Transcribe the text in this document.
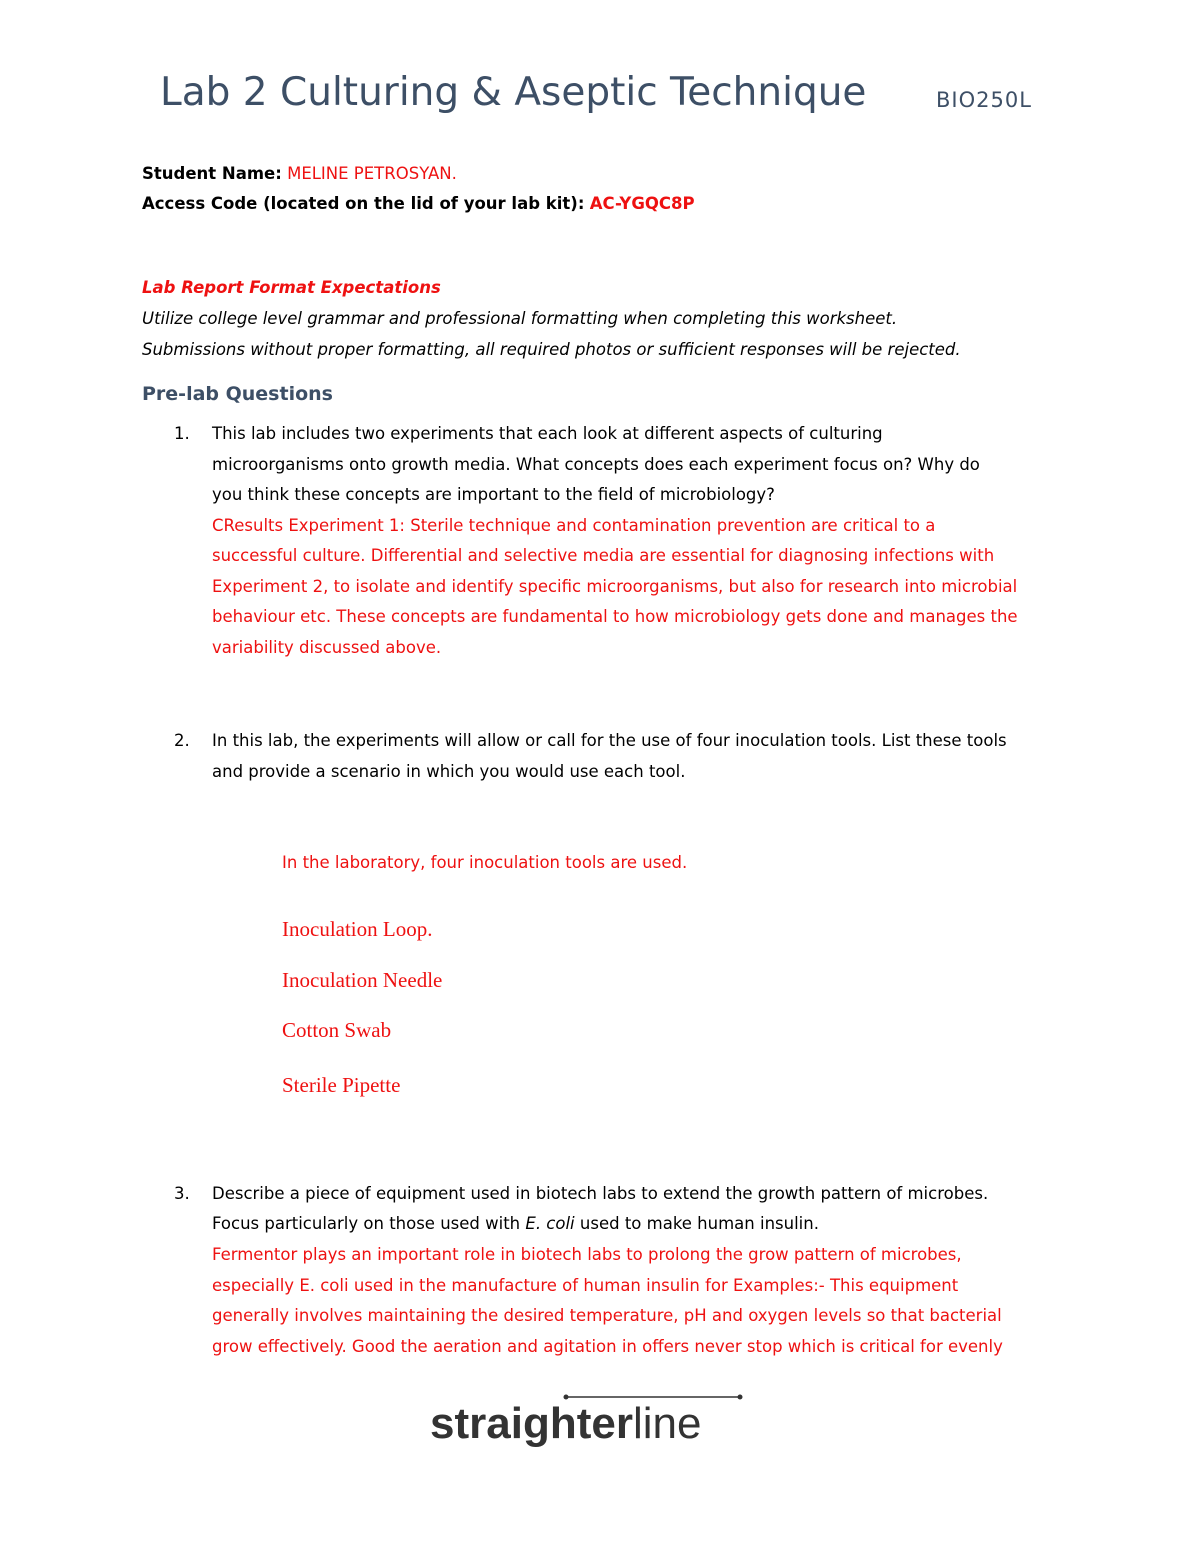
Lab 2 Culturing & Aseptic Technique	BIO250L
Student Name: MELINE PETROSYAN.
Access Code (located on the lid of your lab kit): AC-YGQC8P
Lab Report Format Expectations
Utilize college level grammar and professional formatting when completing this worksheet.
Submissions without proper formatting, all required photos or sufficient responses will be rejected.
Pre-lab Questions
1. This lab includes two experiments that each look at different aspects of culturing
microorganisms onto growth media. What concepts does each experiment focus on? Why do
you think these concepts are important to the field of microbiology?
CResults Experiment 1: Sterile technique and contamination prevention are critical to a
successful culture. Differential and selective media are essential for diagnosing infections with
Experiment 2, to isolate and identify specific microorganisms, but also for research into microbial
behaviour etc. These concepts are fundamental to how microbiology gets done and manages the
variability discussed above.
2. In this lab, the experiments will allow or call for the use of four inoculation tools. List these tools
and provide a scenario in which you would use each tool.
In the laboratory, four inoculation tools are used.
Inoculation Loop.
Inoculation Needle
Cotton Swab
Sterile Pipette
3. Describe a piece of equipment used in biotech labs to extend the growth pattern of microbes.
Focus particularly on those used with E. coli used to make human insulin.
Fermentor plays an important role in biotech labs to prolong the grow pattern of microbes,
especially E. coli used in the manufacture of human insulin for Examples:- This equipment
generally involves maintaining the desired temperature, pH and oxygen levels so that bacterial
grow effectively. Good the aeration and agitation in offers never stop which is critical for evenly
straighterline
